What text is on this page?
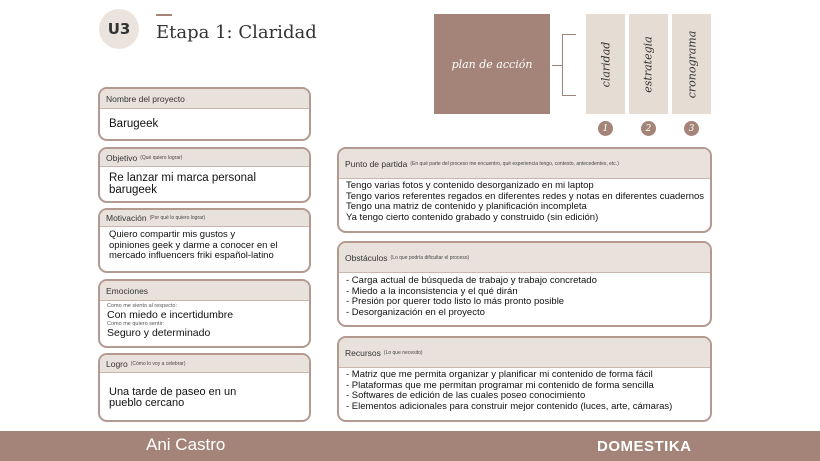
U3	Etapa 1: Claridad
plan de acción	claridad	estrategia	cronograma
1	2	3
Nombre del proyecto
Barugeek
Objetivo (Qué quiero lograr)
Re lanzar mi marca personal
barugeek
Motivación (Por qué lo quiero lograr)
Quiero compartir mis gustos y
opiniones geek y darme a conocer en el
mercado influencers friki español-latino
Emociones
Como me siento al respecto:
Con miedo e incertidumbre
Como me quiero sentir:
Seguro y determinado
Logro (Cómo lo voy a celebrar)
Una tarde de paseo en un
pueblo cercano
Punto de partida (En qué parte del proceso me encuentro, qué experiencia tengo, contexto, antecedentes, etc.)
Tengo varias fotos y contenido desorganizado en mi laptop
Tengo varios referentes regados en diferentes redes y notas en diferentes cuadernos
Tengo una matriz de contenido y planificación incompleta
Ya tengo cierto contenido grabado y construido (sin edición)
Obstáculos (Lo que podría dificultar el proceso)
- Carga actual de búsqueda de trabajo y trabajo concretado
- Miedo a la inconsistencia y el qué dirán
- Presión por querer todo listo lo más pronto posible
- Desorganización en el proyecto
Recursos (Lo que necesito)
- Matriz que me permita organizar y planificar mi contenido de forma fácil
- Plataformas que me permitan programar mi contenido de forma sencilla
- Softwares de edición de las cuales poseo conocimiento
- Elementos adicionales para construir mejor contenido (luces, arte, cámaras)
Ani Castro	DOMESTIKA
